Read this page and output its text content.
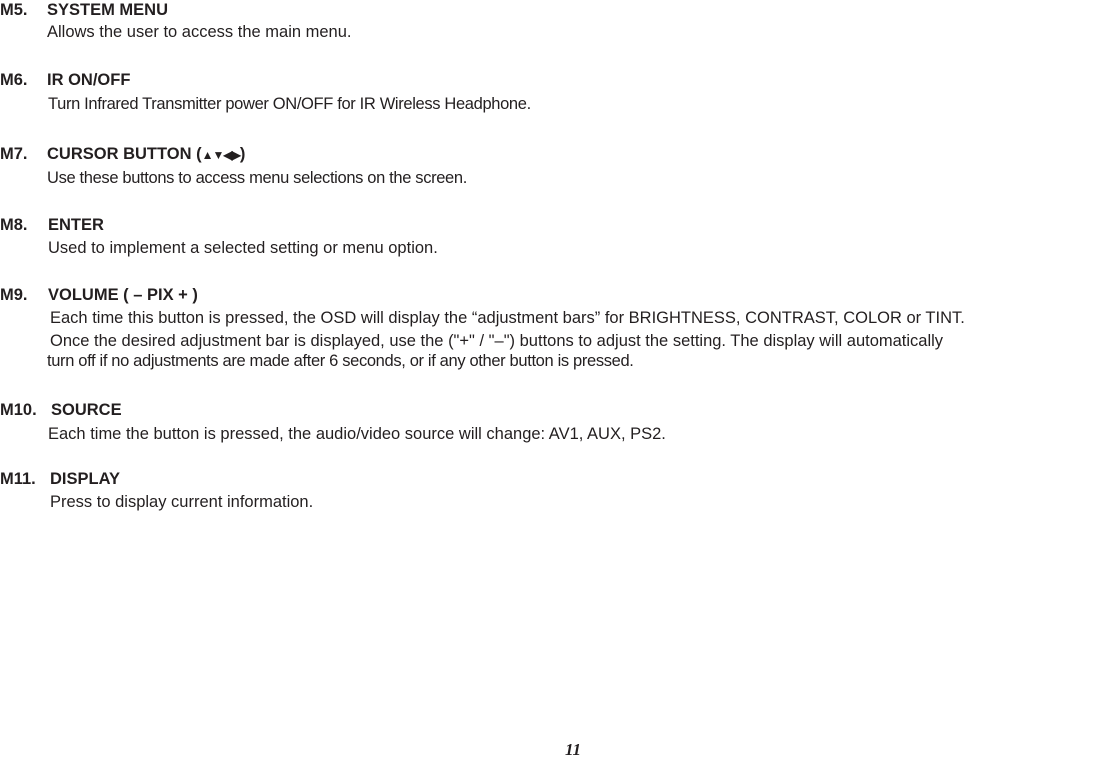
M5. SYSTEM MENU
Allows the user to access the main menu.
M6. IR ON/OFF
Turn Infrared Transmitter power ON/OFF for IR Wireless Headphone.
M7. CURSOR BUTTON (▲▼◀▶)
Use these buttons to access menu selections on the screen.
M8. ENTER
Used to implement a selected setting or menu option.
M9. VOLUME ( – PIX + )
Each time this button is pressed, the OSD will display the “adjustment bars” for BRIGHTNESS, CONTRAST, COLOR or TINT.
Once the desired adjustment bar is displayed, use the ("+" / "–") buttons to adjust the setting. The display will automatically
turn off if no adjustments are made after 6 seconds, or if any other button is pressed.
M10. SOURCE
Each time the button is pressed, the audio/video source will change: AV1, AUX, PS2.
M11. DISPLAY
Press to display current information.
11
